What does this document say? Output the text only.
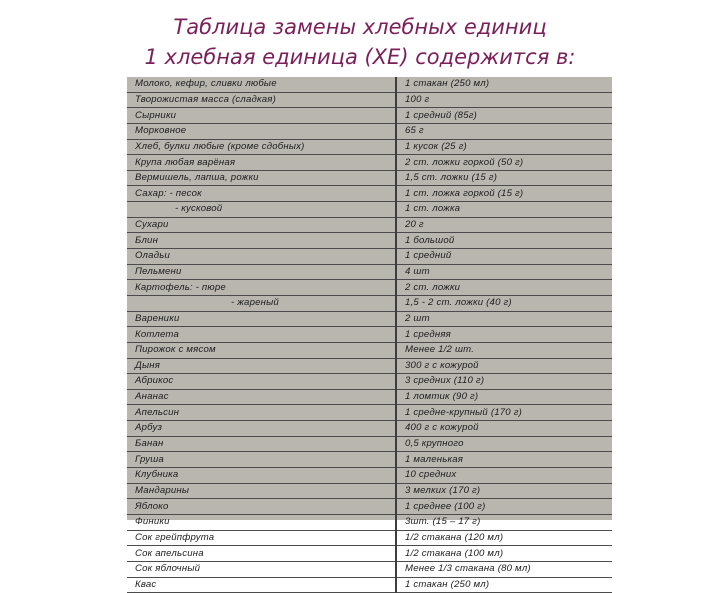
Таблица замены хлебных единиц
1 хлебная единица (ХЕ) содержится в:
Молоко, кефир, сливки любые	1 стакан (250 мл)
Творожистая масса (сладкая)	100 г
Сырники	1 средний (85г)
Морковное	65 г
Хлеб, булки любые (кроме сдобных)	1 кусок (25 г)
Крупа любая варёная	2 ст. ложки горкой (50 г)
Вермишель, лапша, рожки	1,5 ст. ложки (15 г)
Сахар: - песок	1 ст. ложка горкой (15 г)
- кусковой	1 ст. ложка
Сухари	20 г
Блин	1 большой
Оладьи	1 средний
Пельмени	4 шт
Картофель: - пюре	2 ст. ложки
- жареный	1,5 - 2 ст. ложки (40 г)
Вареники	2 шт
Котлета	1 средняя
Пирожок с мясом	Менее 1/2 шт.
Дыня	300 г с кожурой
Абрикос	3 средних (110 г)
Ананас	1 ломтик (90 г)
Апельсин	1 средне-крупный (170 г)
Арбуз	400 г с кожурой
Банан	0,5 крупного
Груша	1 маленькая
Клубника	10 средних
Мандарины	3 мелких (170 г)
Яблоко	1 среднее (100 г)
Финики	3шт. (15 – 17 г)
Сок грейпфрута	1/2 стакана (120 мл)
Сок апельсина	1/2 стакана (100 мл)
Сок яблочный	Менее 1/3 стакана (80 мл)
Квас	1 стакан (250 мл)
